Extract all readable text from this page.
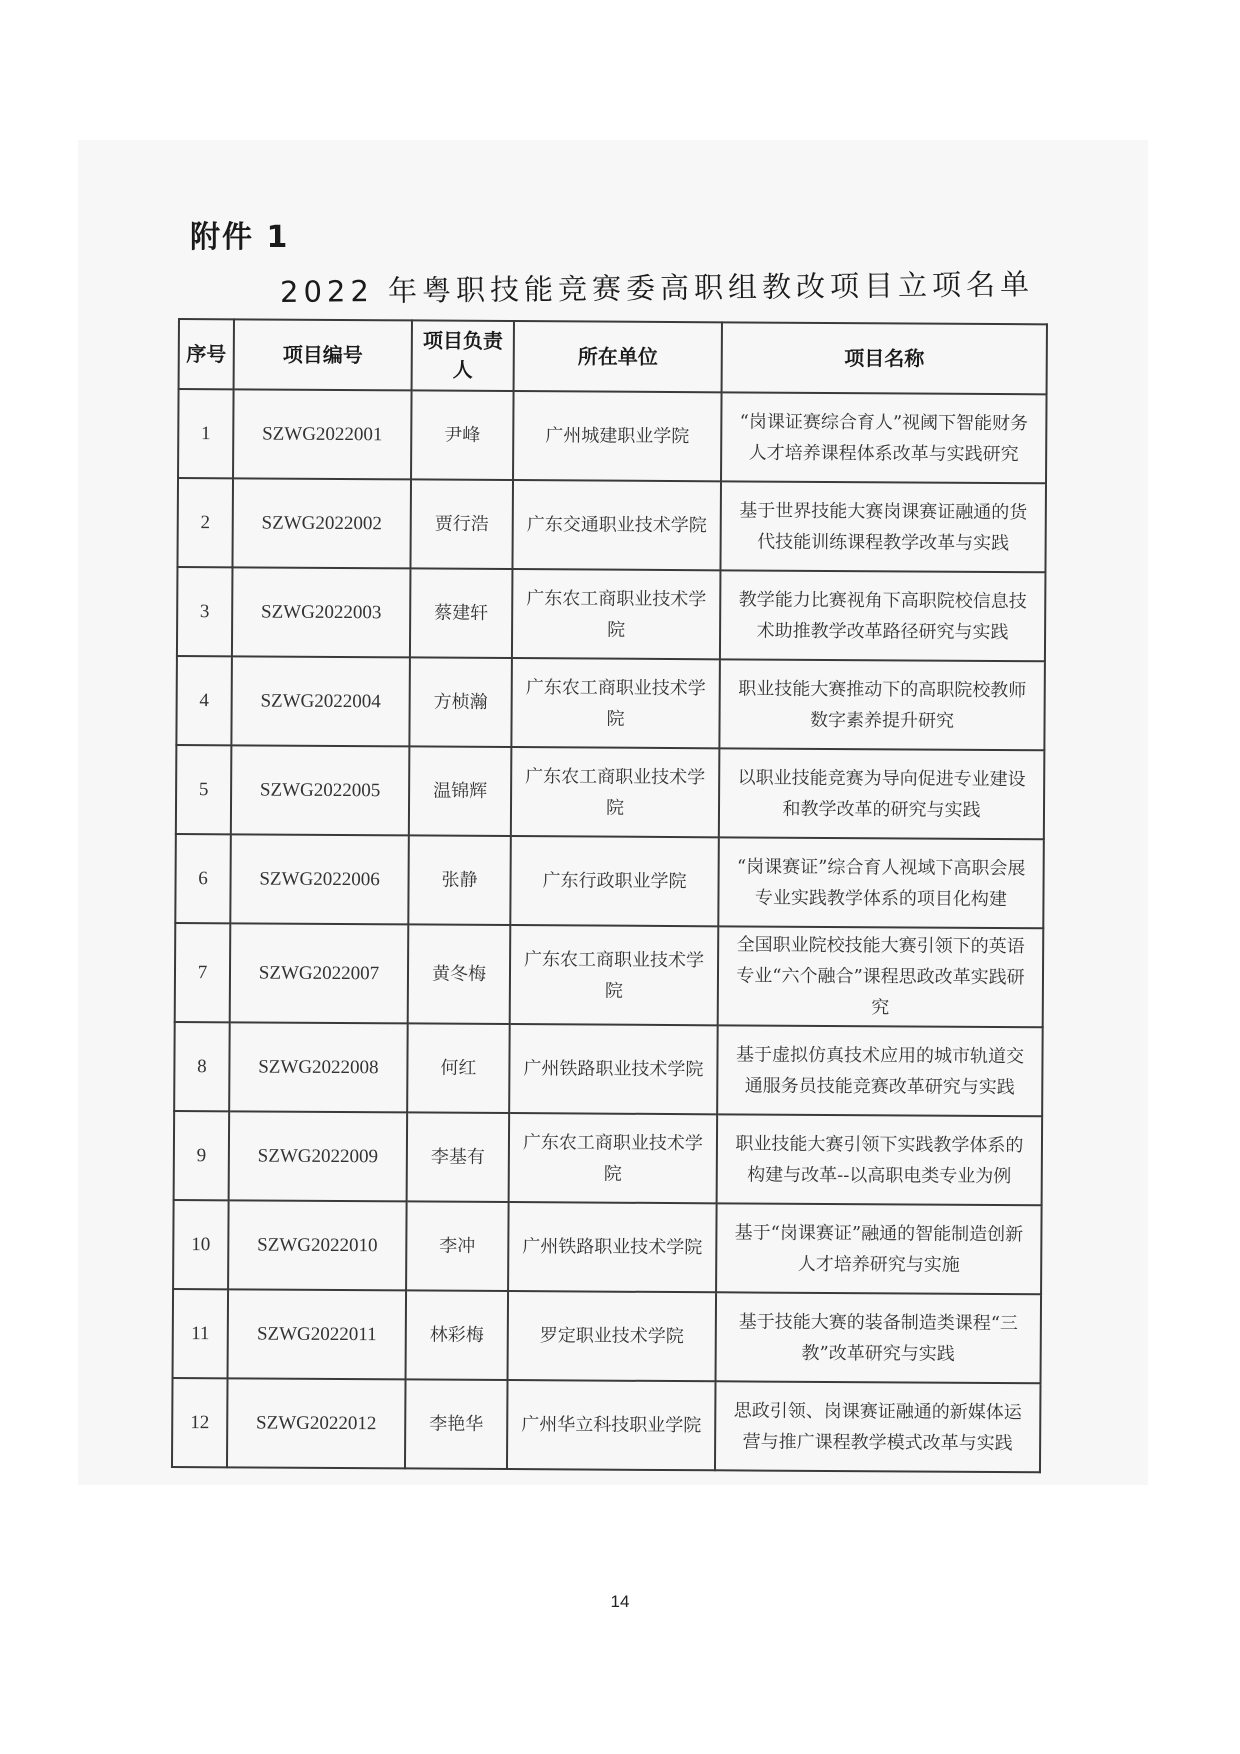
附件 1
2022 年粤职技能竞赛委高职组教改项目立项名单
序号	项目编号	项目负责人	所在单位	项目名称
1	SZWG2022001	尹峰	广州城建职业学院	“岗课证赛综合育人”视阈下智能财务人才培养课程体系改革与实践研究
2	SZWG2022002	贾行浩	广东交通职业技术学院	基于世界技能大赛岗课赛证融通的货代技能训练课程教学改革与实践
3	SZWG2022003	蔡建轩	广东农工商职业技术学院	教学能力比赛视角下高职院校信息技术助推教学改革路径研究与实践
4	SZWG2022004	方桢瀚	广东农工商职业技术学院	职业技能大赛推动下的高职院校教师数字素养提升研究
5	SZWG2022005	温锦辉	广东农工商职业技术学院	以职业技能竞赛为导向促进专业建设和教学改革的研究与实践
6	SZWG2022006	张静	广东行政职业学院	“岗课赛证”综合育人视域下高职会展专业实践教学体系的项目化构建
7	SZWG2022007	黄冬梅	广东农工商职业技术学院	全国职业院校技能大赛引领下的英语专业“六个融合”课程思政改革实践研究
8	SZWG2022008	何红	广州铁路职业技术学院	基于虚拟仿真技术应用的城市轨道交通服务员技能竞赛改革研究与实践
9	SZWG2022009	李基有	广东农工商职业技术学院	职业技能大赛引领下实践教学体系的构建与改革--以高职电类专业为例
10	SZWG2022010	李冲	广州铁路职业技术学院	基于“岗课赛证”融通的智能制造创新人才培养研究与实施
11	SZWG2022011	林彩梅	罗定职业技术学院	基于技能大赛的装备制造类课程“三教”改革研究与实践
12	SZWG2022012	李艳华	广州华立科技职业学院	思政引领、岗课赛证融通的新媒体运营与推广课程教学模式改革与实践
14
